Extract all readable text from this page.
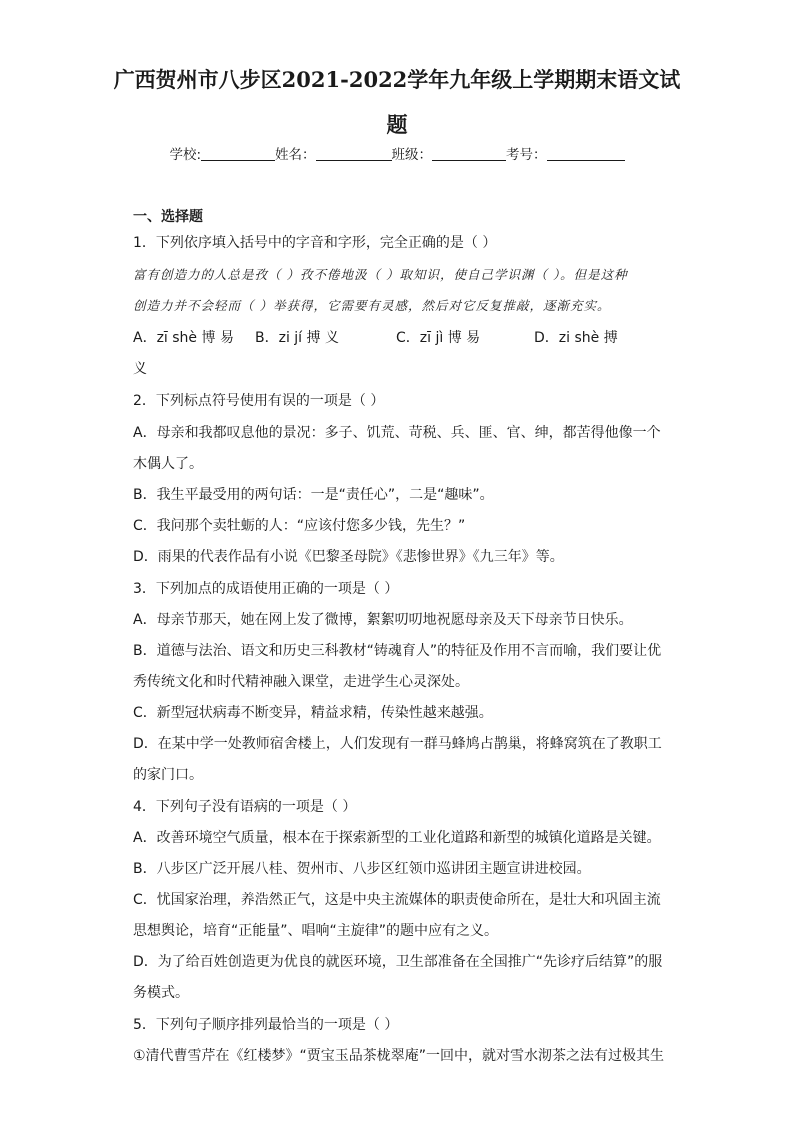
广西贺州市八步区2021-2022学年九年级上学期期末语文试
题
学校:	姓名：	班级：	考号：
一、选择题
1．下列依序填入括号中的字音和字形，完全正确的是（ ）
富有创造力的人总是孜（ ）孜不倦地汲（ ）取知识，使自己学识渊（ ）。但是这种
创造力并不会轻而（ ）举获得，它需要有灵感，然后对它反复推敲，逐渐充实。
A．zī shè 博 易 B．zi jí 搏 义	C．zī jì 博 易	D．zi shè 搏
义
2．下列标点符号使用有误的一项是（ ）
A．母亲和我都叹息他的景况：多子、饥荒、苛税、兵、匪、官、绅，都苦得他像一个
木偶人了。
B．我生平最受用的两句话：一是“责任心”，二是“趣味”。
C．我问那个卖牡蛎的人：“应该付您多少钱，先生？”
D．雨果的代表作品有小说《巴黎圣母院》《悲惨世界》《九三年》等。
3．下列加点的成语使用正确的一项是（ ）
A．母亲节那天，她在网上发了微博，絮絮叨叨地祝愿母亲及天下母亲节日快乐。
B．道德与法治、语文和历史三科教材“铸魂育人”的特征及作用不言而喻，我们要让优
秀传统文化和时代精神融入课堂，走进学生心灵深处。
C．新型冠状病毒不断变异，精益求精，传染性越来越强。
D．在某中学一处教师宿舍楼上，人们发现有一群马蜂鸠占鹊巢，将蜂窝筑在了教职工
的家门口。
4．下列句子没有语病的一项是（ ）
A．改善环境空气质量，根本在于探索新型的工业化道路和新型的城镇化道路是关键。
B．八步区广泛开展八桂、贺州市、八步区红领巾巡讲团主题宣讲进校园。
C．忧国家治理，养浩然正气，这是中央主流媒体的职责使命所在，是壮大和巩固主流
思想舆论，培育“正能量”、唱响“主旋律”的题中应有之义。
D．为了给百姓创造更为优良的就医环境，卫生部准备在全国推广“先诊疗后结算”的服
务模式。
5．下列句子顺序排列最恰当的一项是（ ）
①清代曹雪芹在《红楼梦》“贾宝玉品茶栊翠庵”一回中，就对雪水沏茶之法有过极其生
